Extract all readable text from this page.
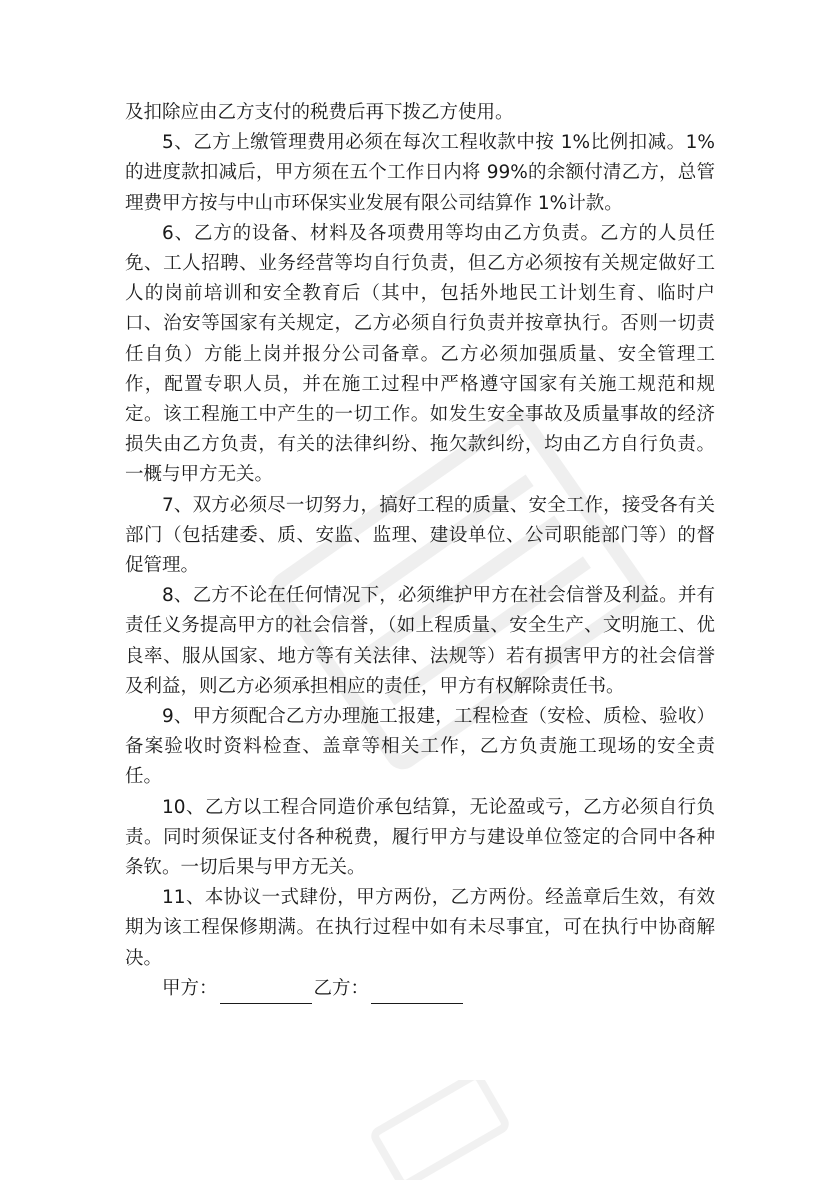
及扣除应由乙方支付的税费后再下拨乙方使用。

5、乙方上缴管理费用必须在每次工程收款中按 1%比例扣减。1%的进度款扣减后，甲方须在五个工作日内将 99%的余额付清乙方，总管理费甲方按与中山市环保实业发展有限公司结算作 1%计款。

6、乙方的设备、材料及各项费用等均由乙方负责。乙方的人员任免、工人招聘、业务经营等均自行负责，但乙方必须按有关规定做好工人的岗前培训和安全教育后（其中，包括外地民工计划生育、临时户口、治安等国家有关规定，乙方必须自行负责并按章执行。否则一切责任自负）方能上岗并报分公司备章。乙方必须加强质量、安全管理工作，配置专职人员，并在施工过程中严格遵守国家有关施工规范和规定。该工程施工中产生的一切工作。如发生安全事故及质量事故的经济损失由乙方负责，有关的法律纠纷、拖欠款纠纷，均由乙方自行负责。一概与甲方无关。

7、双方必须尽一切努力，搞好工程的质量、安全工作，接受各有关部门（包括建委、质、安监、监理、建设单位、公司职能部门等）的督促管理。

8、乙方不论在任何情况下，必须维护甲方在社会信誉及利益。并有责任义务提高甲方的社会信誉，（如上程质量、安全生产、文明施工、优良率、服从国家、地方等有关法律、法规等）若有损害甲方的社会信誉及利益，则乙方必须承担相应的责任，甲方有权解除责任书。

9、甲方须配合乙方办理施工报建，工程检查（安检、质检、验收）备案验收时资料检查、盖章等相关工作，乙方负责施工现场的安全责任。

10、乙方以工程合同造价承包结算，无论盈或亏，乙方必须自行负责。同时须保证支付各种税费，履行甲方与建设单位签定的合同中各种条钦。一切后果与甲方无关。

11、本协议一式肆份，甲方两份，乙方两份。经盖章后生效，有效期为该工程保修期满。在执行过程中如有未尽事宜，可在执行中协商解决。

甲方：	乙方：
